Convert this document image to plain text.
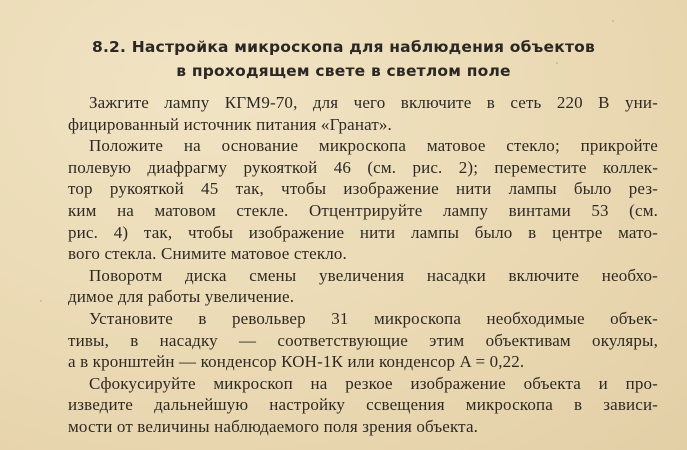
8.2. Настройка микроскопа для наблюдения объектов
в проходящем свете в светлом поле
Зажгите лампу КГМ9-70, для чего включите в сеть 220 В уни-
фицированный источник питания «Гранат».
Положите на основание микроскопа матовое стекло; прикройте
полевую диафрагму рукояткой 46 (см. рис. 2); переместите коллек-
тор рукояткой 45 так, чтобы изображение нити лампы было рез-
ким на матовом стекле. Отцентрируйте лампу винтами 53 (см.
рис. 4) так, чтобы изображение нити лампы было в центре мато-
вого стекла. Снимите матовое стекло.
Поворотм диска смены увеличения насадки включите необхо-
димое для работы увеличение.
Установите в револьвер 31 микроскопа необходимые объек-
тивы, в насадку — соответствующие этим объективам окуляры,
а в кронштейн — конденсор КОН-1К или конденсор A = 0,22.
Сфокусируйте микроскоп на резкое изображение объекта и про-
изведите дальнейшую настройку ссвещения микроскопа в зависи-
мости от величины наблюдаемого поля зрения объекта.
